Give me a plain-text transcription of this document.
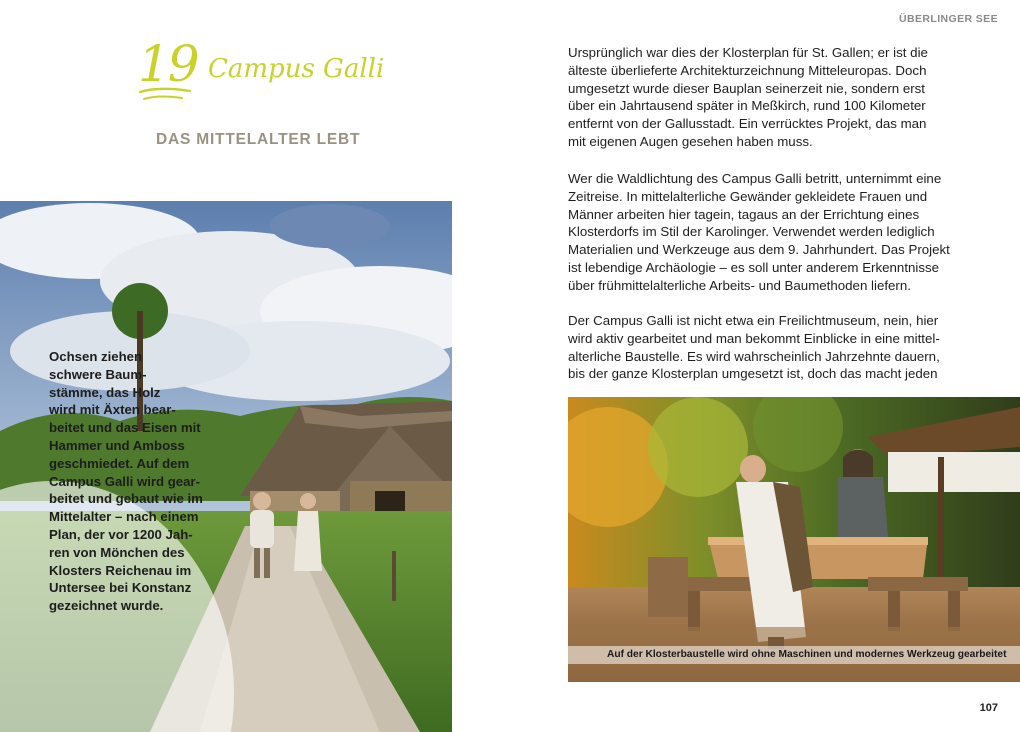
19 Campus Galli
DAS MITTELALTER LEBT
Ochsen ziehen
schwere Baum-
stämme, das Holz
wird mit Äxten bear-
beitet und das Eisen mit
Hammer und Amboss
geschmiedet. Auf dem
Campus Galli wird gear-
beitet und gebaut wie im
Mittelalter – nach einem
Plan, der vor 1200 Jah-
ren von Mönchen des
Klosters Reichenau im
Untersee bei Konstanz
gezeichnet wurde.
ÜBERLINGER SEE
Ursprünglich war dies der Klosterplan für St. Gallen; er ist die
älteste überlieferte Architekturzeichnung Mitteleuropas. Doch
umgesetzt wurde dieser Bauplan seinerzeit nie, sondern erst
über ein Jahrtausend später in Meßkirch, rund 100 Kilometer
entfernt von der Gallusstadt. Ein verrücktes Projekt, das man
mit eigenen Augen gesehen haben muss.
Wer die Waldlichtung des Campus Galli betritt, unternimmt eine
Zeitreise. In mittelalterliche Gewänder gekleidete Frauen und
Männer arbeiten hier tagein, tagaus an der Errichtung eines
Klosterdorfs im Stil der Karolinger. Verwendet werden lediglich
Materialien und Werkzeuge aus dem 9. Jahrhundert. Das Projekt
ist lebendige Archäologie – es soll unter anderem Erkenntnisse
über frühmittelalterliche Arbeits- und Baumethoden liefern.
Der Campus Galli ist nicht etwa ein Freilichtmuseum, nein, hier
wird aktiv gearbeitet und man bekommt Einblicke in eine mittel-
alterliche Baustelle. Es wird wahrscheinlich Jahrzehnte dauern,
bis der ganze Klosterplan umgesetzt ist, doch das macht jeden
Auf der Klosterbaustelle wird ohne Maschinen und modernes Werkzeug gearbeitet
107
